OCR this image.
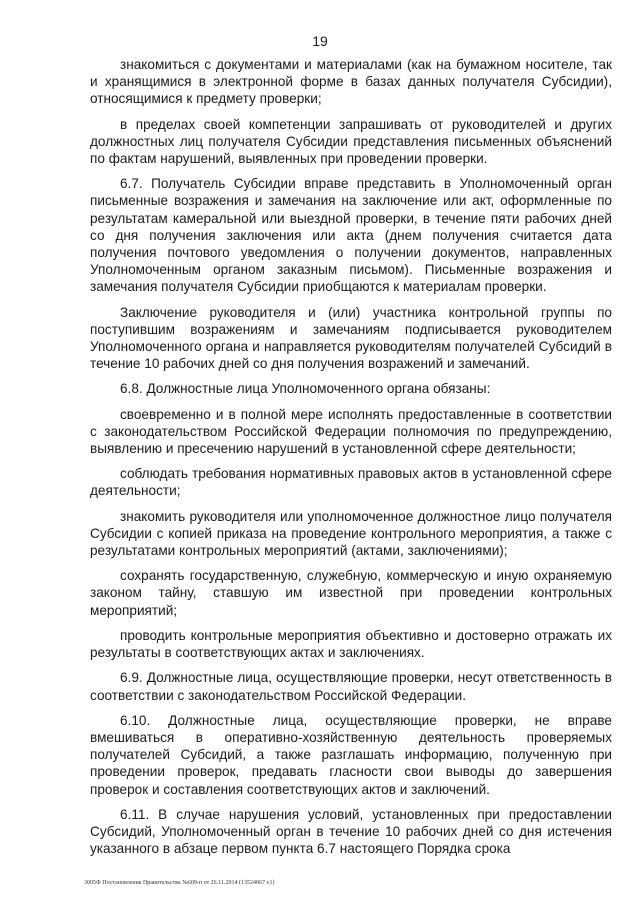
19

знакомиться с документами и материалами (как на бумажном носителе, так и хранящимися в электронной форме в базах данных получателя Субсидии), относящимися к предмету проверки;

в пределах своей компетенции запрашивать от руководителей и других должностных лиц получателя Субсидии представления письменных объяснений по фактам нарушений, выявленных при проведении проверки.

6.7. Получатель Субсидии вправе представить в Уполномоченный орган письменные возражения и замечания на заключение или акт, оформленные по результатам камеральной или выездной проверки, в течение пяти рабочих дней со дня получения заключения или акта (днем получения считается дата получения почтового уведомления о получении документов, направленных Уполномоченным органом заказным письмом). Письменные возражения и замечания получателя Субсидии приобщаются к материалам проверки.

Заключение руководителя и (или) участника контрольной группы по поступившим возражениям и замечаниям подписывается руководителем Уполномоченного органа и направляется руководителям получателей Субсидий в течение 10 рабочих дней со дня получения возражений и замечаний.

6.8. Должностные лица Уполномоченного органа обязаны:

своевременно и в полной мере исполнять предоставленные в соответствии с законодательством Российской Федерации полномочия по предупреждению, выявлению и пресечению нарушений в установленной сфере деятельности;

соблюдать требования нормативных правовых актов в установленной сфере деятельности;

знакомить руководителя или уполномоченное должностное лицо получателя Субсидии с копией приказа на проведение контрольного мероприятия, а также с результатами контрольных мероприятий (актами, заключениями);

сохранять государственную, служебную, коммерческую и иную охраняемую законом тайну, ставшую им известной при проведении контрольных мероприятий;

проводить контрольные мероприятия объективно и достоверно отражать их результаты в соответствующих актах и заключениях.

6.9. Должностные лица, осуществляющие проверки, несут ответственность в соответствии с законодательством Российской Федерации.

6.10. Должностные лица, осуществляющие проверки, не вправе вмешиваться в оперативно-хозяйственную деятельность проверяемых получателей Субсидий, а также разглашать информацию, полученную при проведении проверок, предавать гласности свои выводы до завершения проверок и составления соответствующих актов и заключений.

6.11. В случае нарушения условий, установленных при предоставлении Субсидий, Уполномоченный орган в течение 10 рабочих дней со дня истечения указанного в абзаце первом пункта 6.7 настоящего Порядка срока

3005Ф Постановление Правительства №609-п от 26.11.2014 (13524067 v1)
